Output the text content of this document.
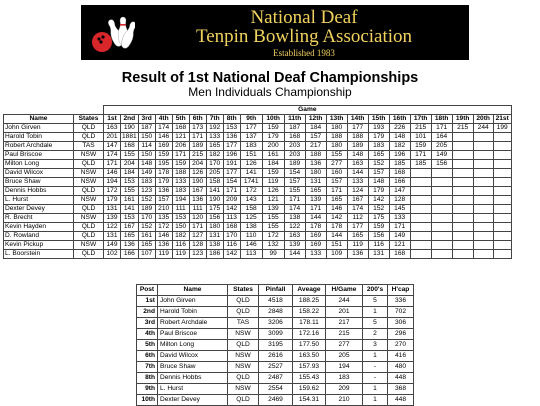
National Deaf
Tenpin Bowling Association
Established 1983
Result of 1st National Deaf Championships
Men Individuals Championship
		Game																				
Name	States	1st	2nd	3rd	4th	5th	6th	7th	8th	9th	10th	11th	12th	13th	14th	15th	16th	17th	18th	19th	20th	21st
John Girven	QLD	163	190	187	174	168	173	192	153	177	159	187	184	180	177	193	226	215	171	215	244	199
Harold Tobin	QLD	201	1881	150	146	121	171	133	136	137	179	168	157	188	188	179	148	101	164			
Robert Archdale	TAS	147	168	114	169	206	189	165	177	183	200	203	217	180	189	183	182	159	205			
Paul Briscoe	NSW	174	155	150	159	171	215	182	196	151	161	203	188	155	148	165	196	171	149			
Milton Long	QLD	171	204	148	195	159	204	170	191	126	184	189	136	277	163	152	185	185	156			
David Wilcox	NSW	146	184	149	178	188	126	205	177	141	159	154	180	160	144	157	168					
Bruce Shaw	NSW	194	153	183	179	133	190	158	154	1741	119	157	131	157	133	148	166					
Dennis Hobbs	QLD	172	155	123	136	183	167	141	171	172	126	155	165	171	124	179	147					
L. Hurst	NSW	179	161	152	157	194	136	190	209	143	121	171	139	165	167	142	128					
Dexter Devey	QLD	131	141	189	210	111	111	175	142	158	139	174	171	146	174	152	145					
R. Brecht	NSW	139	153	170	135	153	120	156	113	125	155	138	144	142	112	175	133					
Kevin Hayden	QLD	122	167	152	172	150	171	180	168	138	155	122	178	178	177	159	171					
D. Rowland	QLD	131	165	161	146	182	127	131	170	110	172	163	169	144	165	156	149					
Kevin Pickup	NSW	149	136	165	136	116	128	138	116	146	132	139	169	151	119	116	121					
L. Boorstein	QLD	102	166	107	119	119	123	186	142	113	99	144	133	109	136	131	168					
Post	Name	States	Pinfall	Aveage	H/Game	200's	H'cap
1st	John Girven	QLD	4518	188.25	244	5	336
2nd	Harold Tobin	QLD	2848	158.22	201	1	702
3rd	Robert Archdale	TAS	3206	178.11	217	5	306
4th	Paul Briscoe	NSW	3099	172.16	215	2	296
5th	Milton Long	QLD	3195	177.50	277	3	270
6th	David Wilcox	NSW	2616	163.50	205	1	416
7th	Bruce Shaw	NSW	2527	157.93	194	-	480
8th	Dennis Hobbs	QLD	2487	155.43	183	-	448
9th	L. Hurst	NSW	2554	159.62	209	1	368
10th	Dexter Devey	QLD	2469	154.31	210	1	448
